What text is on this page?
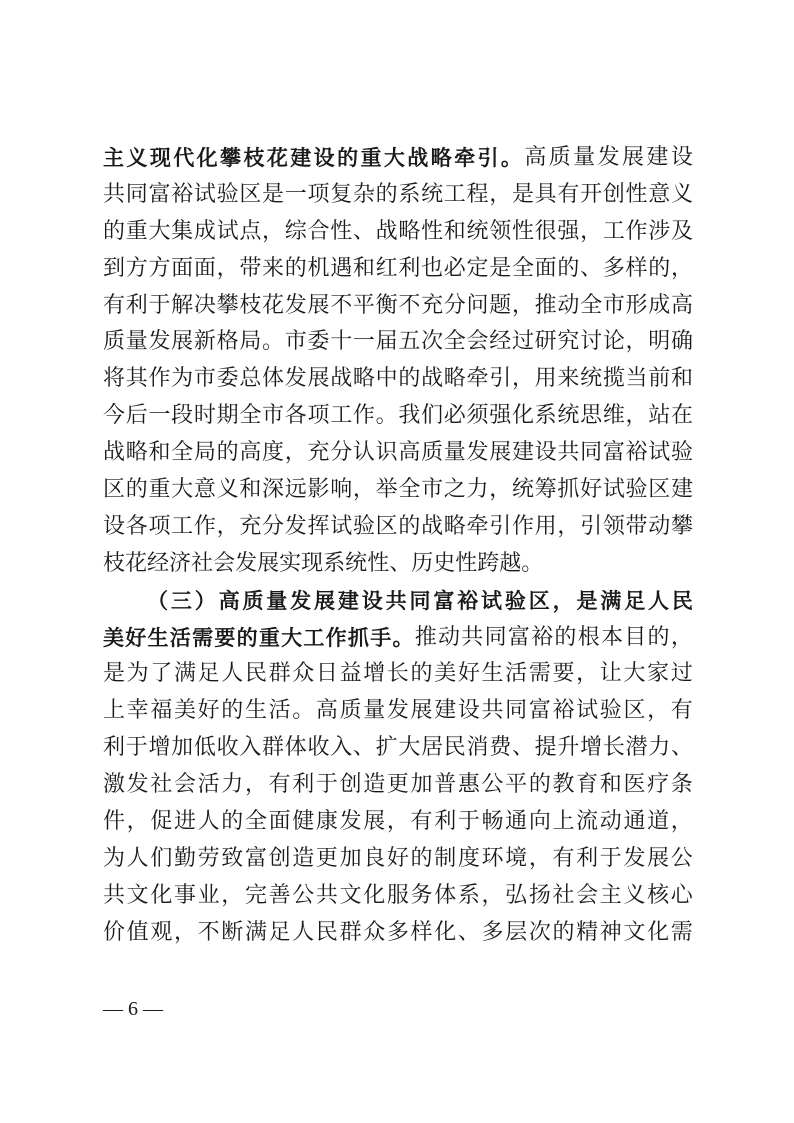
主 义 现 代 化 攀 枝 花 建 设 的 重 大 战 略 牵 引 。 高 质 量 发 展 建 设
共 同 富 裕 试 验 区 是 一 项 复 杂 的 系 统 工 程 ， 是 具 有 开 创 性 意 义
的 重 大 集 成 试 点 ， 综 合 性 、 战 略 性 和 统 领 性 很 强 ， 工 作 涉 及
到 方 方 面 面 ， 带 来 的 机 遇 和 红 利 也 必 定 是 全 面 的 、 多 样 的 ，
有 利 于 解 决 攀 枝 花 发 展 不 平 衡 不 充 分 问 题 ， 推 动 全 市 形 成 高
质 量 发 展 新 格 局 。 市 委 十 一 届 五 次 全 会 经 过 研 究 讨 论 ， 明 确
将 其 作 为 市 委 总 体 发 展 战 略 中 的 战 略 牵 引 ， 用 来 统 揽 当 前 和
今 后 一 段 时 期 全 市 各 项 工 作 。 我 们 必 须 强 化 系 统 思 维 ， 站 在
战 略 和 全 局 的 高 度 ， 充 分 认 识 高 质 量 发 展 建 设 共 同 富 裕 试 验
区 的 重 大 意 义 和 深 远 影 响 ， 举 全 市 之 力 ， 统 筹 抓 好 试 验 区 建
设 各 项 工 作 ， 充 分 发 挥 试 验 区 的 战 略 牵 引 作 用 ， 引 领 带 动 攀
枝 花 经 济 社 会 发 展 实 现 系 统 性 、 历 史 性 跨 越 。
（ 三 ） 高 质 量 发 展 建 设 共 同 富 裕 试 验 区 ， 是 满 足 人 民
美 好 生 活 需 要 的 重 大 工 作 抓 手 。 推 动 共 同 富 裕 的 根 本 目 的 ，
是 为 了 满 足 人 民 群 众 日 益 增 长 的 美 好 生 活 需 要 ， 让 大 家 过
上 幸 福 美 好 的 生 活 。 高 质 量 发 展 建 设 共 同 富 裕 试 验 区 ， 有
利 于 增 加 低 收 入 群 体 收 入 、 扩 大 居 民 消 费 、 提 升 增 长 潜 力 、
激 发 社 会 活 力 ， 有 利 于 创 造 更 加 普 惠 公 平 的 教 育 和 医 疗 条
件 ， 促 进 人 的 全 面 健 康 发 展 ， 有 利 于 畅 通 向 上 流 动 通 道 ，
为 人 们 勤 劳 致 富 创 造 更 加 良 好 的 制 度 环 境 ， 有 利 于 发 展 公
共 文 化 事 业 ， 完 善 公 共 文 化 服 务 体 系 ， 弘 扬 社 会 主 义 核 心
价 值 观 ， 不 断 满 足 人 民 群 众 多 样 化 、 多 层 次 的 精 神 文 化 需
— 6 —
